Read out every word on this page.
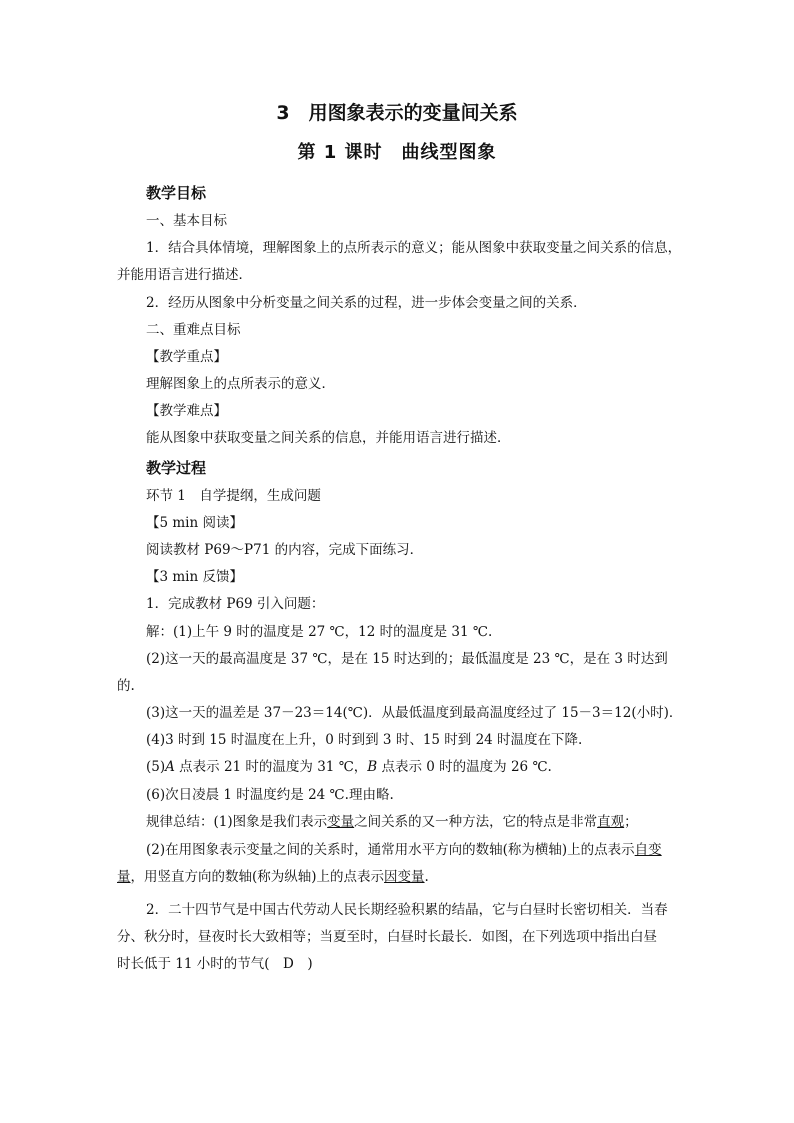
3　用图象表示的变量间关系
第 1 课时　曲线型图象
教学目标
一、基本目标
1．结合具体情境，理解图象上的点所表示的意义；能从图象中获取变量之间关系的信息，
并能用语言进行描述．
2．经历从图象中分析变量之间关系的过程，进一步体会变量之间的关系．
二、重难点目标
【教学重点】
理解图象上的点所表示的意义．
【教学难点】
能从图象中获取变量之间关系的信息，并能用语言进行描述．
教学过程
环节 1　自学提纲，生成问题
【5 min 阅读】
阅读教材 P69～P71 的内容，完成下面练习．
【3 min 反馈】
1．完成教材 P69 引入问题：
解：(1)上午 9 时的温度是 27 ℃，12 时的温度是 31 ℃.
(2)这一天的最高温度是 37 ℃，是在 15 时达到的；最低温度是 23 ℃，是在 3 时达到
的.
(3)这一天的温差是 37－23＝14(℃)．从最低温度到最高温度经过了 15－3＝12(小时)．
(4)3 时到 15 时温度在上升，0 时到到 3 时、15 时到 24 时温度在下降.
(5)A 点表示 21 时的温度为 31 ℃，B 点表示 0 时的温度为 26 ℃.
(6)次日凌晨 1 时温度约是 24 ℃.理由略.
规律总结：(1)图象是我们表示变量之间关系的又一种方法，它的特点是非常直观；
(2)在用图象表示变量之间的关系时，通常用水平方向的数轴(称为横轴)上的点表示自变
量，用竖直方向的数轴(称为纵轴)上的点表示因变量.
2．二十四节气是中国古代劳动人民长期经验积累的结晶，它与白昼时长密切相关．当春
分、秋分时，昼夜时长大致相等；当夏至时，白昼时长最长．如图，在下列选项中指出白昼
时长低于 11 小时的节气(　D　)
